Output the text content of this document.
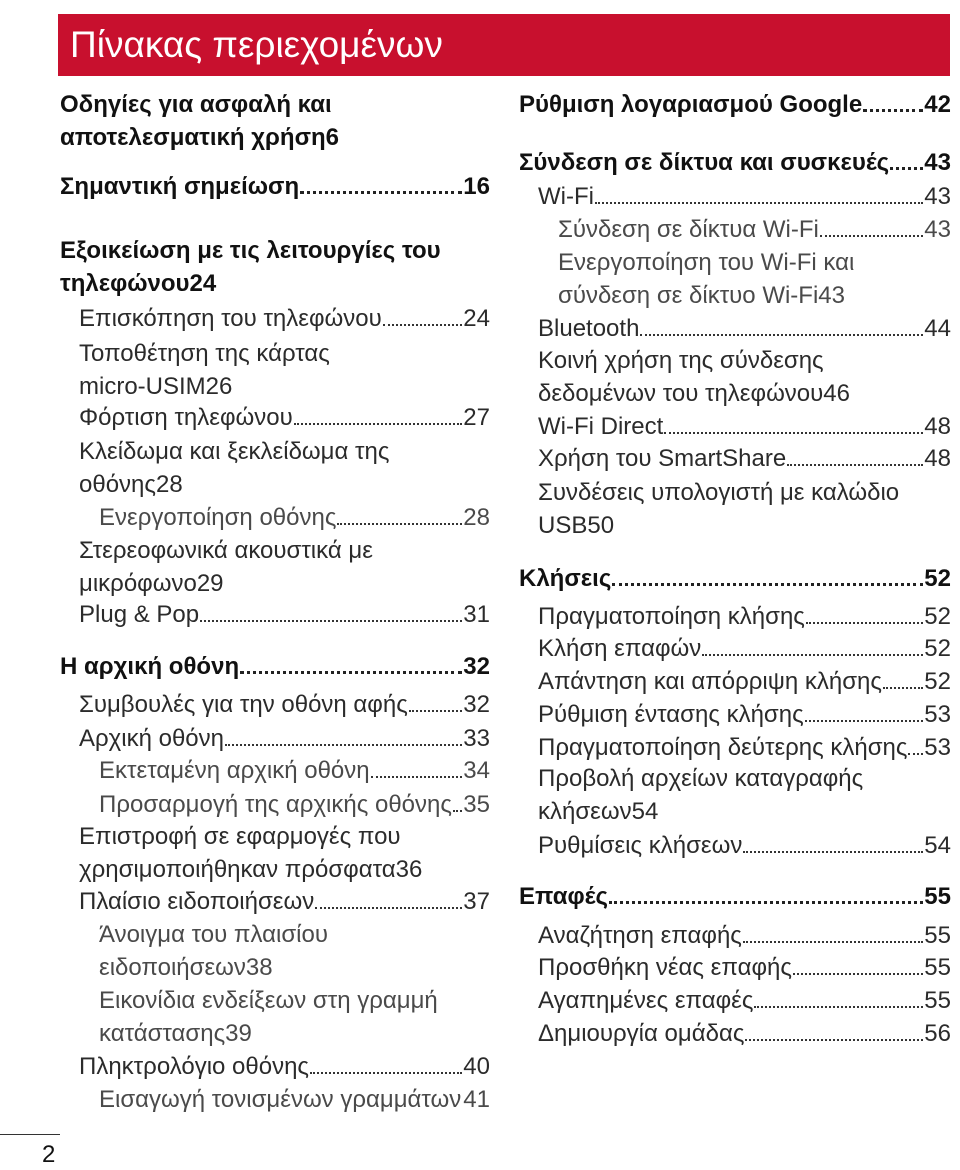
Πίνακας περιεχομένων
Οδηγίες για ασφαλή και
αποτελεσματική χρήση 6
Σημαντική σημείωση	16
Εξοικείωση με τις λειτουργίες του
τηλεφώνου 24
Επισκόπηση του τηλεφώνου	24
Τοποθέτηση της κάρτας
micro-USIM 26
Φόρτιση τηλεφώνου	27
Κλείδωμα και ξεκλείδωμα της
οθόνης 28
Ενεργοποίηση οθόνης	28
Στερεοφωνικά ακουστικά με
μικρόφωνο 29
Plug & Pop	31
Η αρχική οθόνη	32
Συμβουλές για την οθόνη αφής 32
Αρχική οθόνη	33
Εκτεταμένη αρχική οθόνη	34
Προσαρμογή της αρχικής οθόνης 35
Επιστροφή σε εφαρμογές που
χρησιμοποιήθηκαν πρόσφατα 36
Πλαίσιο ειδοποιήσεων	37
Άνοιγμα του πλαισίου
ειδοποιήσεων 38
Εικονίδια ενδείξεων στη γραμμή
κατάστασης 39
Πληκτρολόγιο οθόνης	40
Εισαγωγή τονισμένων γραμμάτων 41
Ρύθμιση λογαριασμού Google	42
Σύνδεση σε δίκτυα και συσκευές 43
Wi-Fi	43
Σύνδεση σε δίκτυα Wi-Fi	43
Ενεργοποίηση του Wi-Fi και
σύνδεση σε δίκτυο Wi-Fi 43
Bluetooth	44
Κοινή χρήση της σύνδεσης
δεδομένων του τηλεφώνου 46
Wi-Fi Direct	48
Χρήση του SmartShare	48
Συνδέσεις υπολογιστή με καλώδιο
USB 50
Κλήσεις	52
Πραγματοποίηση κλήσης	52
Κλήση επαφών	52
Απάντηση και απόρριψη κλήσης 52
Ρύθμιση έντασης κλήσης	53
Πραγματοποίηση δεύτερης κλήσης 53
Προβολή αρχείων καταγραφής
κλήσεων 54
Ρυθμίσεις κλήσεων	54
Επαφές	55
Αναζήτηση επαφής	55
Προσθήκη νέας επαφής	55
Αγαπημένες επαφές	55
Δημιουργία ομάδας	56
2
